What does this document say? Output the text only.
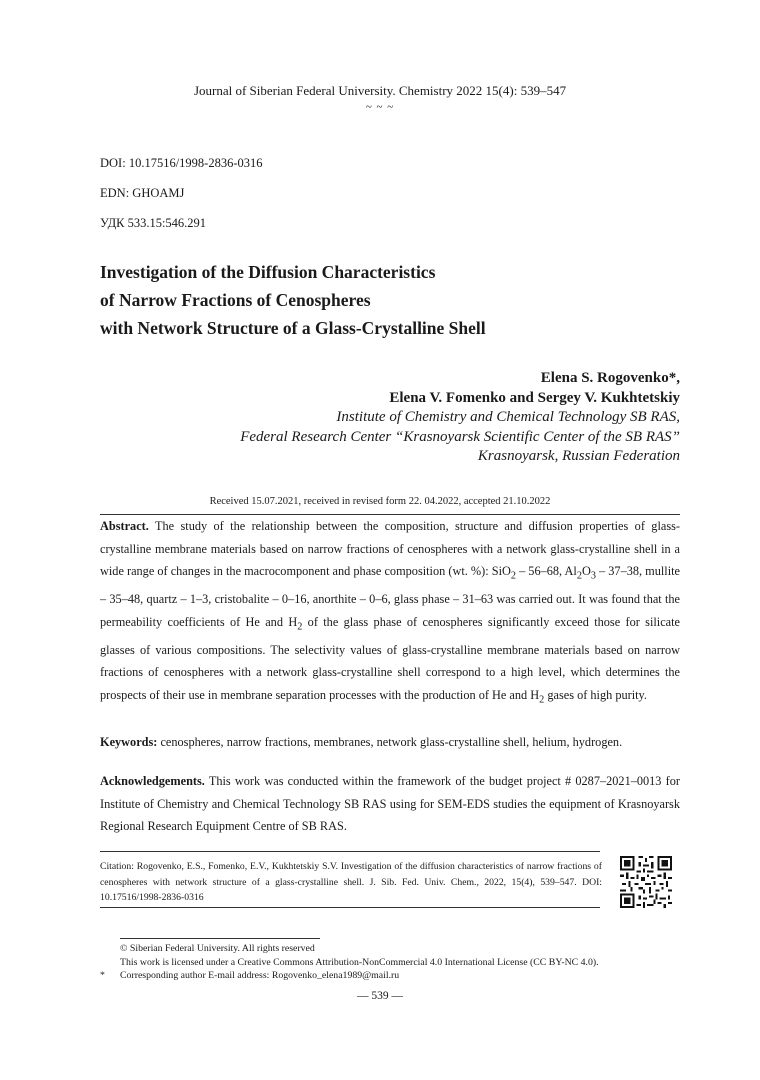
Journal of Siberian Federal University. Chemistry 2022 15(4): 539–547
~ ~ ~
DOI: 10.17516/1998-2836-0316
EDN: GHOAMJ
УДК 533.15:546.291
Investigation of the Diffusion Characteristics
of Narrow Fractions of Cenospheres
with Network Structure of a Glass-Crystalline Shell
Elena S. Rogovenko*,
Elena V. Fomenko and Sergey V. Kukhtetskiy
Institute of Chemistry and Chemical Technology SB RAS,
Federal Research Center “Krasnoyarsk Scientific Center of the SB RAS”
Krasnoyarsk, Russian Federation
Received 15.07.2021, received in revised form 22. 04.2022, accepted 21.10.2022
Abstract. The study of the relationship between the composition, structure and diffusion properties of glass-crystalline membrane materials based on narrow fractions of cenospheres with a network glass-crystalline shell in a wide range of changes in the macrocomponent and phase composition (wt. %): SiO$_2$ – 56–68, $Al_2O_3 - 37-38$, mullite – 35–48, quartz – 1–3, cristobalite – 0–16, anorthite – 0–6, glass phase – 31–63 was carried out. It was found that the permeability coefficients of He and $H_2$ of the glass phase of cenospheres significantly exceed those for silicate glasses of various compositions. The selectivity values of glass-crystalline membrane materials based on narrow fractions of cenospheres with a network glass-crystalline shell correspond to a high level, which determines the prospects of their use in membrane separation processes with the production of He and $H_2$ gases of high purity.
Keywords: cenospheres, narrow fractions, membranes, network glass-crystalline shell, helium, hydrogen.
Acknowledgements. This work was conducted within the framework of the budget project # 0287–2021–0013 for Institute of Chemistry and Chemical Technology SB RAS using for SEM-EDS studies the equipment of Krasnoyarsk Regional Research Equipment Centre of SB RAS.
Citation: Rogovenko, E.S., Fomenko, E.V., Kukhtetskiy S.V. Investigation of the diffusion characteristics of narrow fractions of cenospheres with network structure of a glass-crystalline shell. J. Sib. Fed. Univ. Chem., 2022, 15(4), 539–547. DOI: 10.17516/1998-2836-0316
© Siberian Federal University. All rights reserved
This work is licensed under a Creative Commons Attribution-NonCommercial 4.0 International License (CC BY-NC 4.0).
* Corresponding author E-mail address: Rogovenko_elena1989@mail.ru
— 539 —
